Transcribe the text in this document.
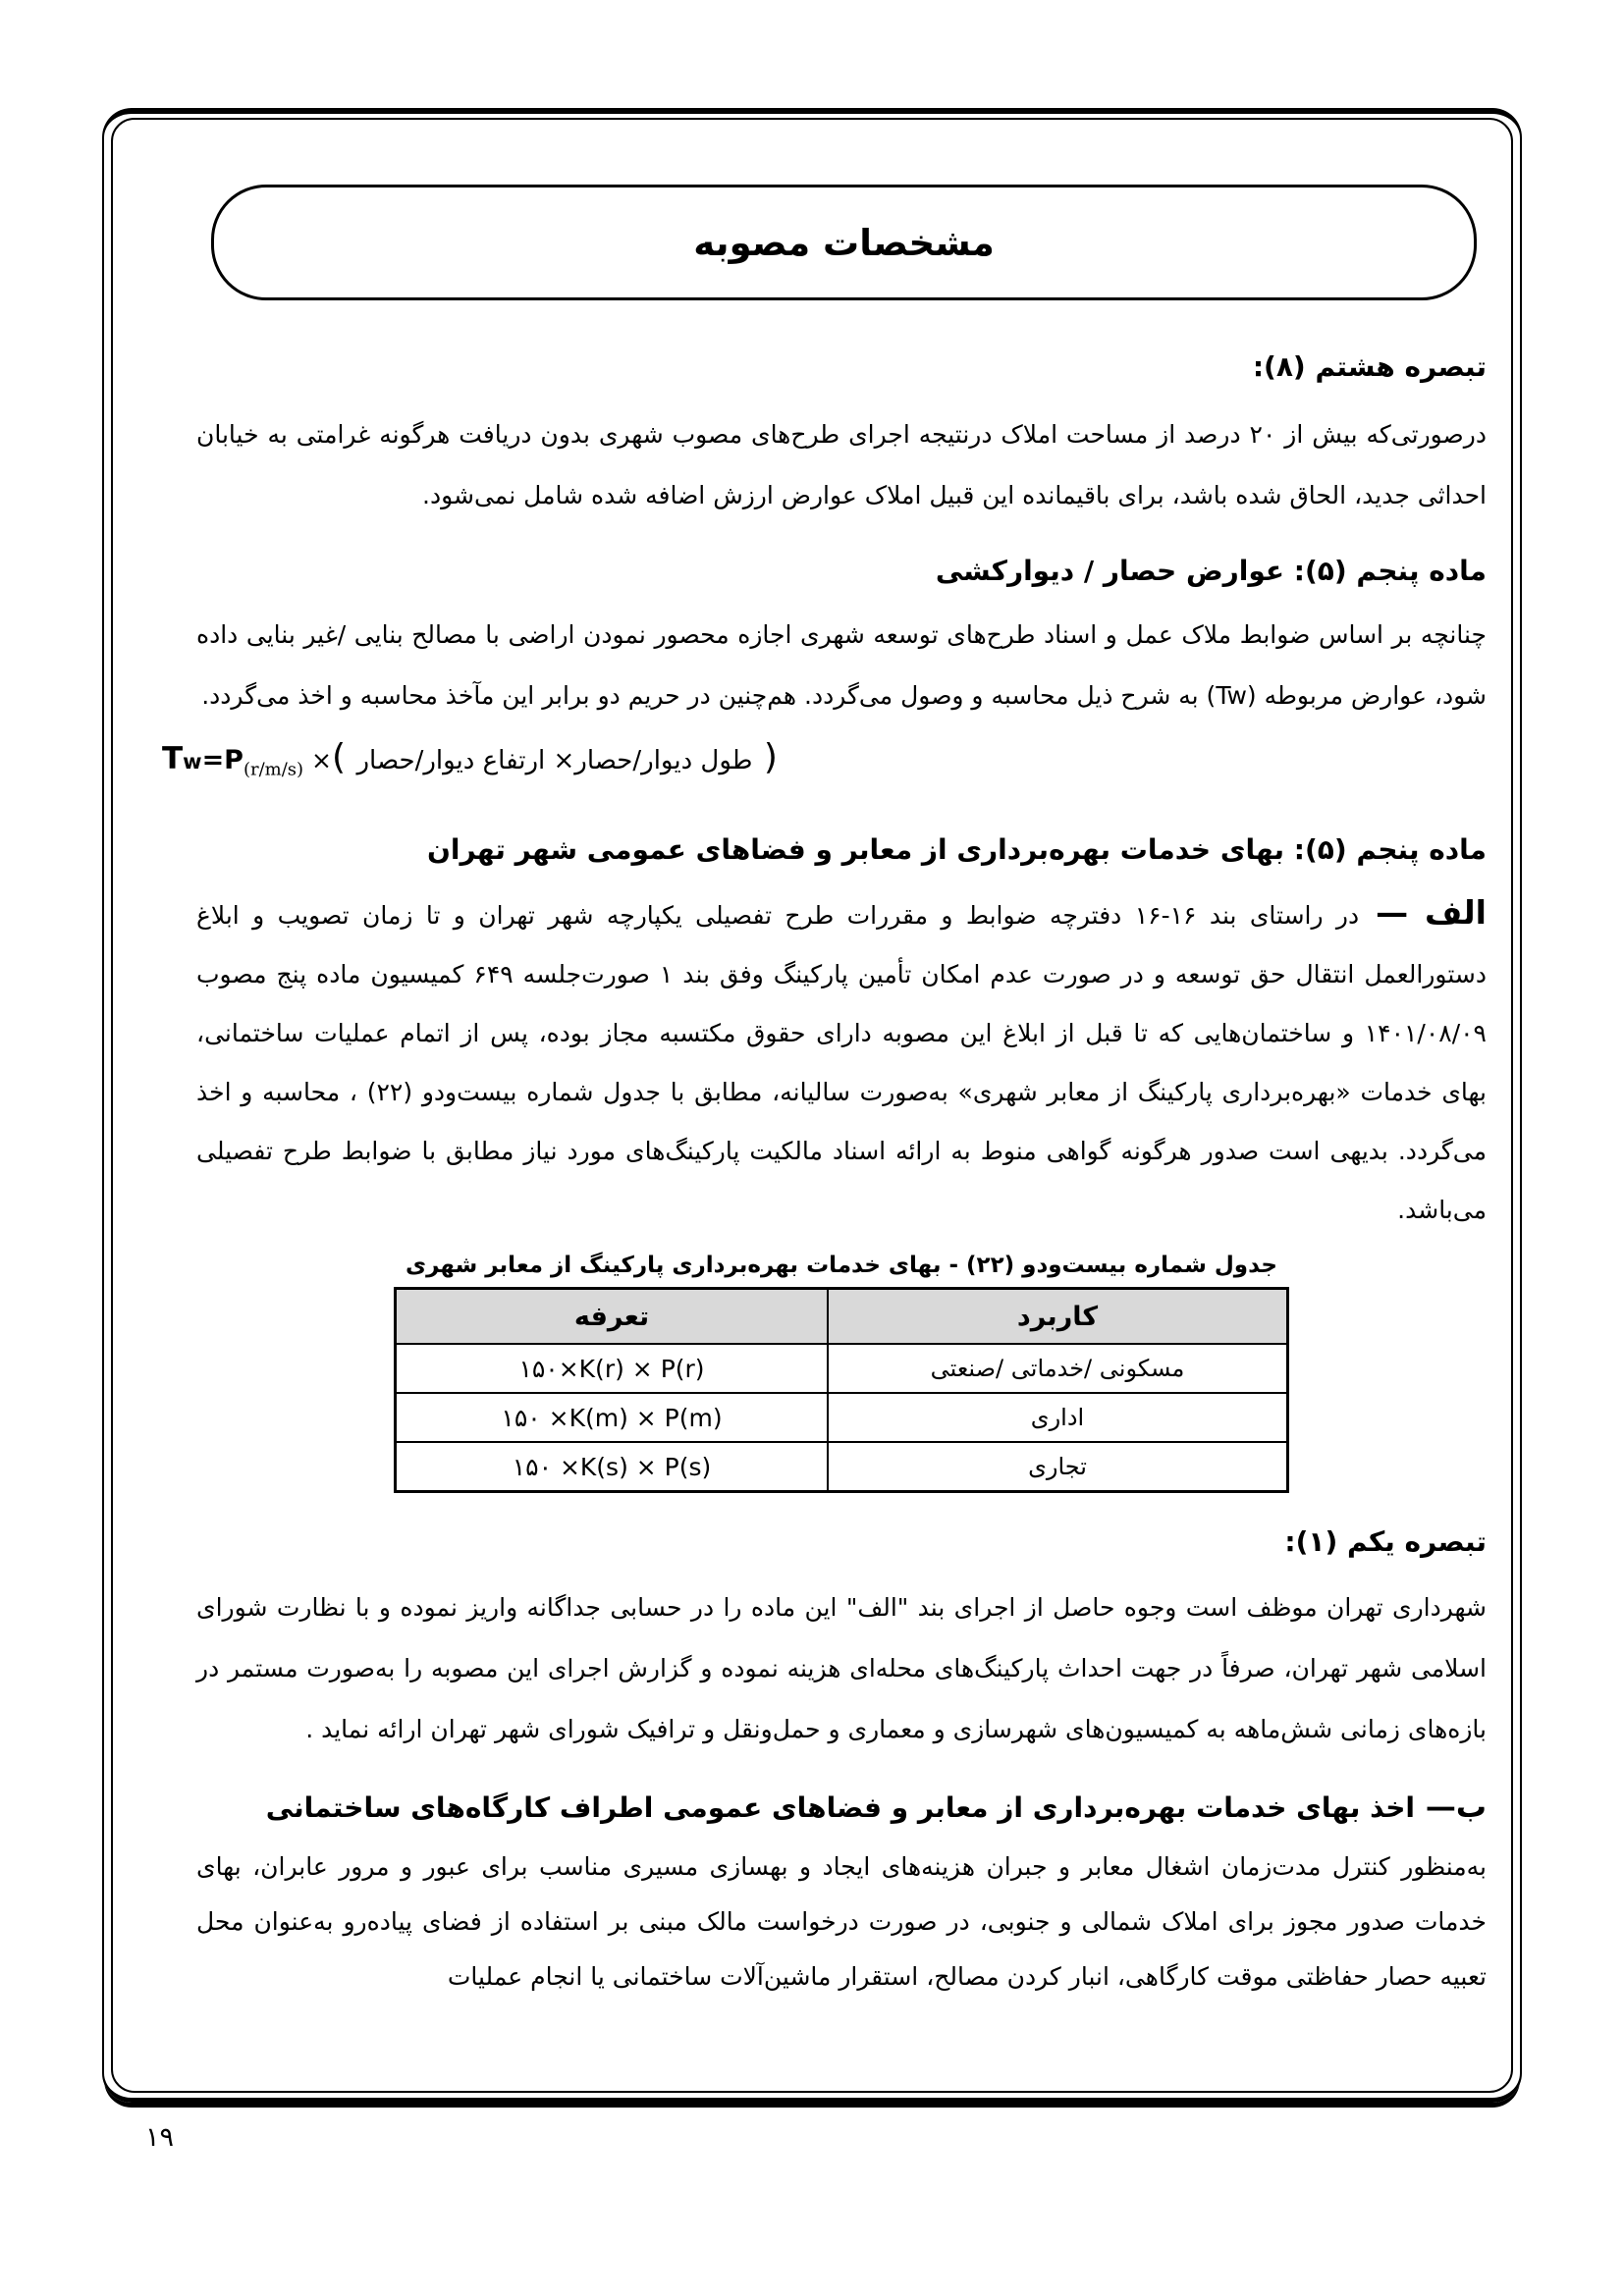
مشخصات مصوبه
تبصره هشتم (۸):

درصورتی‌که بیش از ۲۰ درصد از مساحت املاک درنتیجه اجرای طرح‌های مصوب شهری بدون دریافت هرگونه غرامتی به خیابان احداثی جدید، الحاق شده باشد، برای باقیمانده این قبیل املاک عوارض ارزش اضافه شده شامل نمی‌شود.

ماده پنجم (۵): عوارض حصار / دیوارکشی

چنانچه بر اساس ضوابط ملاک عمل و اسناد طرح‌های توسعه شهری اجازه محصور نمودن اراضی با مصالح بنایی /غیر بنایی داده شود، عوارض مربوطه (Tw) به شرح ذیل محاسبه و وصول می‌گردد. هم‌چنین در حریم دو برابر این مآخذ محاسبه و اخذ می‌گردد.

$Tw=P_{(r/m/s)}$ ×( طول دیوار/حصار× ارتفاع دیوار/حصار )
ماده پنجم (۵): بهای خدمات بهره‌برداری از معابر و فضاهای عمومی شهر تهران

الف — در راستای بند ۱۶-۱۶ دفترچه ضوابط و مقررات طرح تفصیلی یکپارچه شهر تهران و تا زمان تصویب و ابلاغ دستورالعمل انتقال حق توسعه و در صورت عدم امکان تأمین پارکینگ وفق بند ۱ صورت‌جلسه ۶۴۹ کمیسیون ماده پنج مصوب ۱۴۰۱/۰۸/۰۹ و ساختمان‌هایی که تا قبل از ابلاغ این مصوبه دارای حقوق مکتسبه مجاز بوده، پس از اتمام عملیات ساختمانی، بهای خدمات «بهره‌برداری پارکینگ از معابر شهری» به‌صورت سالیانه، مطابق با جدول شماره بیست‌ودو (۲۲) ، محاسبه و اخذ می‌گردد. بدیهی است صدور هرگونه گواهی منوط به ارائه اسناد مالکیت پارکینگ‌های مورد نیاز مطابق با ضوابط طرح تفصیلی می‌باشد.

جدول شماره بیست‌ودو (۲۲) - بهای خدمات بهره‌برداری پارکینگ از معابر شهری
کاربرد	تعرفه
مسکونی /خدماتی /صنعتی	۱۵۰×K(r) × P(r)
اداری	۱۵۰ ×K(m) × P(m)
تجاری	۱۵۰ ×K(s) × P(s)
تبصره یکم (۱):

شهرداری تهران موظف است وجوه حاصل از اجرای بند "الف" این ماده را در حسابی جداگانه واریز نموده و با نظارت شورای اسلامی شهر تهران، صرفاً در جهت احداث پارکینگ‌های محله‌ای هزینه نموده و گزارش اجرای این مصوبه را به‌صورت مستمر در بازه‌های زمانی شش‌ماهه به کمیسیون‌های شهرسازی و معماری و حمل‌ونقل و ترافیک شورای شهر تهران ارائه نماید .

ب— اخذ بهای خدمات بهره‌برداری از معابر و فضاهای عمومی اطراف کارگاه‌های ساختمانی

به‌منظور کنترل مدت‌زمان اشغال معابر و جبران هزینه‌های ایجاد و بهسازی مسیری مناسب برای عبور و مرور عابران، بهای خدمات صدور مجوز برای املاک شمالی و جنوبی، در صورت درخواست مالک مبنی بر استفاده از فضای پیاده‌رو به‌عنوان محل تعبیه حصار حفاظتی موقت کارگاهی، انبار کردن مصالح، استقرار ماشین‌آلات ساختمانی یا انجام عملیات

۱۹
